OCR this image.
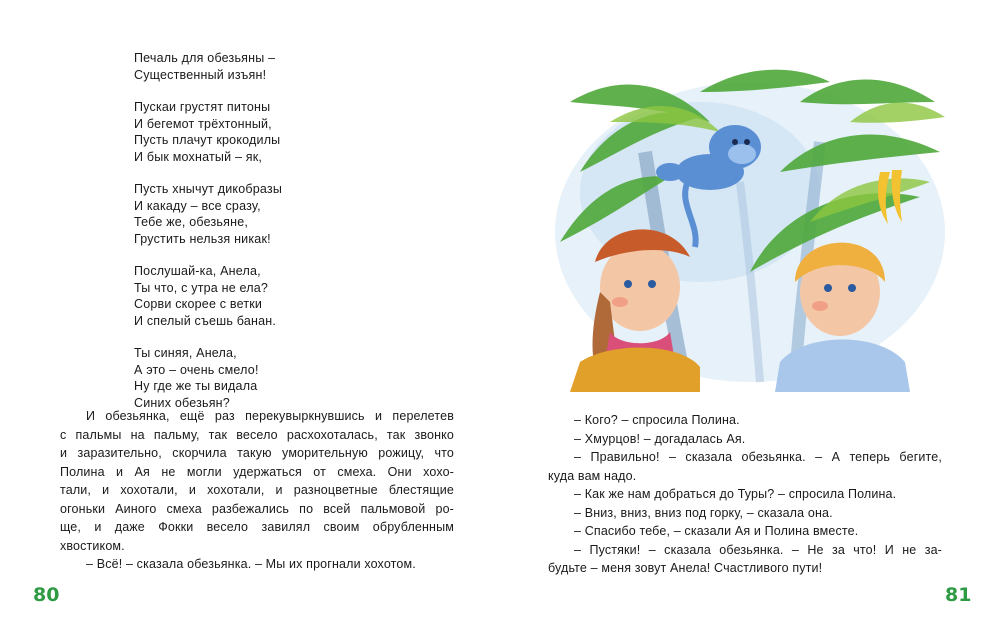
Печаль для обезьяны –
Существенный изъян!
Пускаи грустят питоны
И бегемот трёхтонный,
Пусть плачут крокодилы
И бык мохнатый – як,
Пусть хнычут дикобразы
И какаду – все сразу,
Тебе же, обезьяне,
Грустить нельзя никак!
Послушай-ка, Анела,
Ты что, с утра не ела?
Сорви скорее с ветки
И спелый съешь банан.
Ты синяя, Анела,
А это – очень смело!
Ну где же ты видала
Синих обезьян?

И обезьянка, ещё раз перекувыркнувшись и перелетев
с пальмы на пальму, так весело расхохоталась, так звонко
и заразительно, скорчила такую уморительную рожицу, что
Полина и Ая не могли удержаться от смеха. Они хохо-
тали, и хохотали, и хохотали, и разноцветные блестящие
огоньки Аиного смеха разбежались по всей пальмовой ро-
ще, и даже Фокки весело завилял своим обрубленным
хвостиком.

– Всё! – сказала обезьянка. – Мы их прогнали хохотом.

80

– Кого? – спросила Полина.

– Хмурцов! – догадалась Ая.

– Правильно! – сказала обезьянка. – А теперь бегите,
куда вам надо.

– Как же нам добраться до Туры? – спросила Полина.

– Вниз, вниз, вниз под горку, – сказала она.

– Спасибо тебе, – сказали Ая и Полина вместе.

– Пустяки! – сказала обезьянка. – Не за что! И не за-
будьте – меня зовут Анела! Счастливого пути!

81
